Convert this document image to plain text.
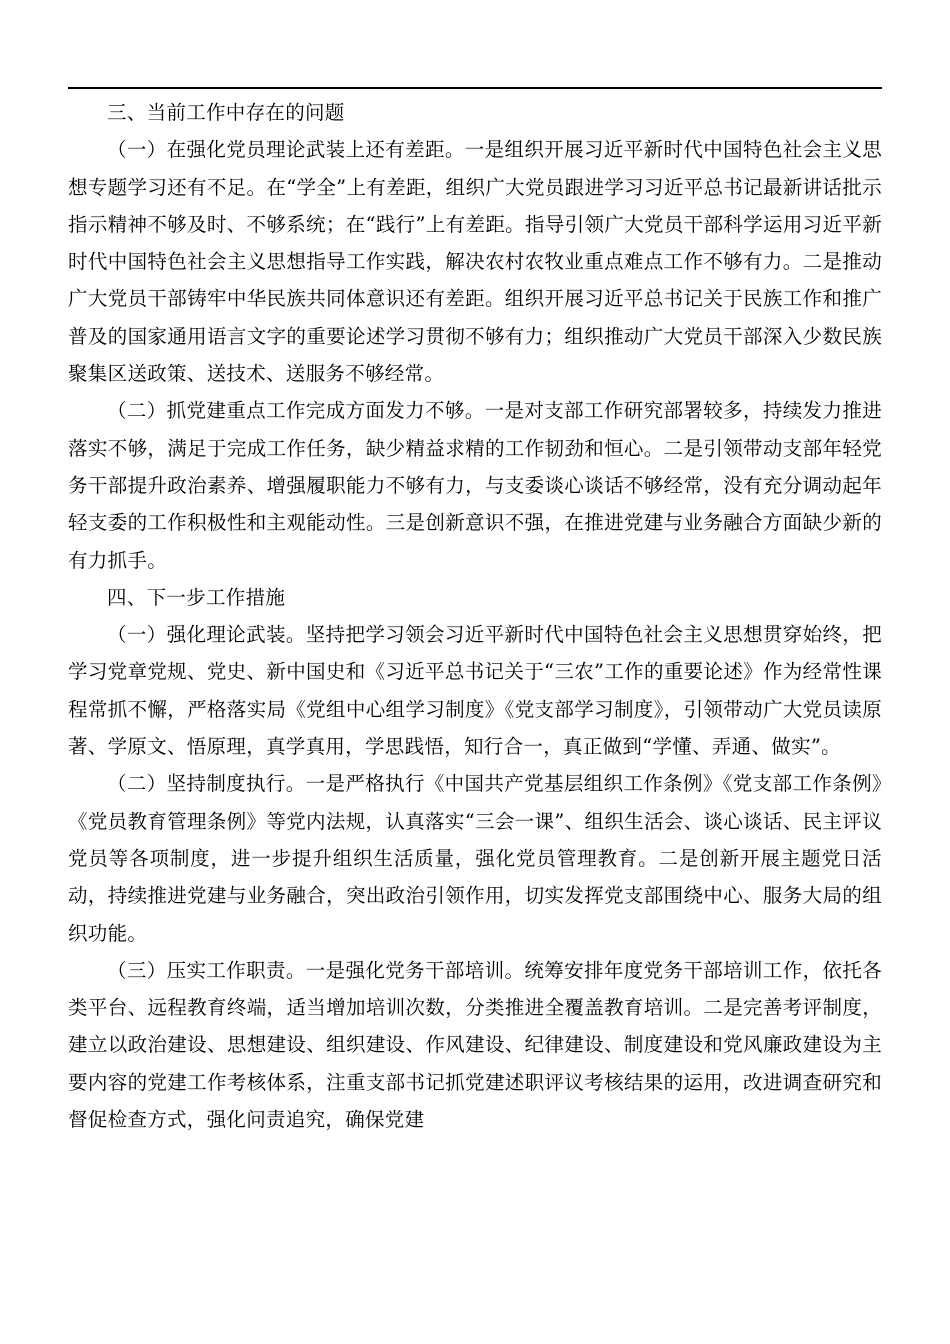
三、当前工作中存在的问题

（一）在强化党员理论武装上还有差距。一是组织开展习近平新时代中国特色社会主义思想专题学习还有不足。在“学全”上有差距，组织广大党员跟进学习习近平总书记最新讲话批示指示精神不够及时、不够系统；在“践行”上有差距。指导引领广大党员干部科学运用习近平新时代中国特色社会主义思想指导工作实践，解决农村农牧业重点难点工作不够有力。二是推动广大党员干部铸牢中华民族共同体意识还有差距。组织开展习近平总书记关于民族工作和推广普及的国家通用语言文字的重要论述学习贯彻不够有力；组织推动广大党员干部深入少数民族聚集区送政策、送技术、送服务不够经常。

（二）抓党建重点工作完成方面发力不够。一是对支部工作研究部署较多，持续发力推进落实不够，满足于完成工作任务，缺少精益求精的工作韧劲和恒心。二是引领带动支部年轻党务干部提升政治素养、增强履职能力不够有力，与支委谈心谈话不够经常，没有充分调动起年轻支委的工作积极性和主观能动性。三是创新意识不强，在推进党建与业务融合方面缺少新的有力抓手。

四、下一步工作措施

（一）强化理论武装。坚持把学习领会习近平新时代中国特色社会主义思想贯穿始终，把学习党章党规、党史、新中国史和《习近平总书记关于“三农”工作的重要论述》作为经常性课程常抓不懈，严格落实局《党组中心组学习制度》《党支部学习制度》，引领带动广大党员读原著、学原文、悟原理，真学真用，学思践悟，知行合一，真正做到“学懂、弄通、做实”。

（二）坚持制度执行。一是严格执行《中国共产党基层组织工作条例》《党支部工作条例》《党员教育管理条例》等党内法规，认真落实“三会一课”、组织生活会、谈心谈话、民主评议党员等各项制度，进一步提升组织生活质量，强化党员管理教育。二是创新开展主题党日活动，持续推进党建与业务融合，突出政治引领作用，切实发挥党支部围绕中心、服务大局的组织功能。

（三）压实工作职责。一是强化党务干部培训。统筹安排年度党务干部培训工作，依托各类平台、远程教育终端，适当增加培训次数，分类推进全覆盖教育培训。二是完善考评制度，建立以政治建设、思想建设、组织建设、作风建设、纪律建设、制度建设和党风廉政建设为主要内容的党建工作考核体系，注重支部书记抓党建述职评议考核结果的运用，改进调查研究和督促检查方式，强化问责追究，确保党建
